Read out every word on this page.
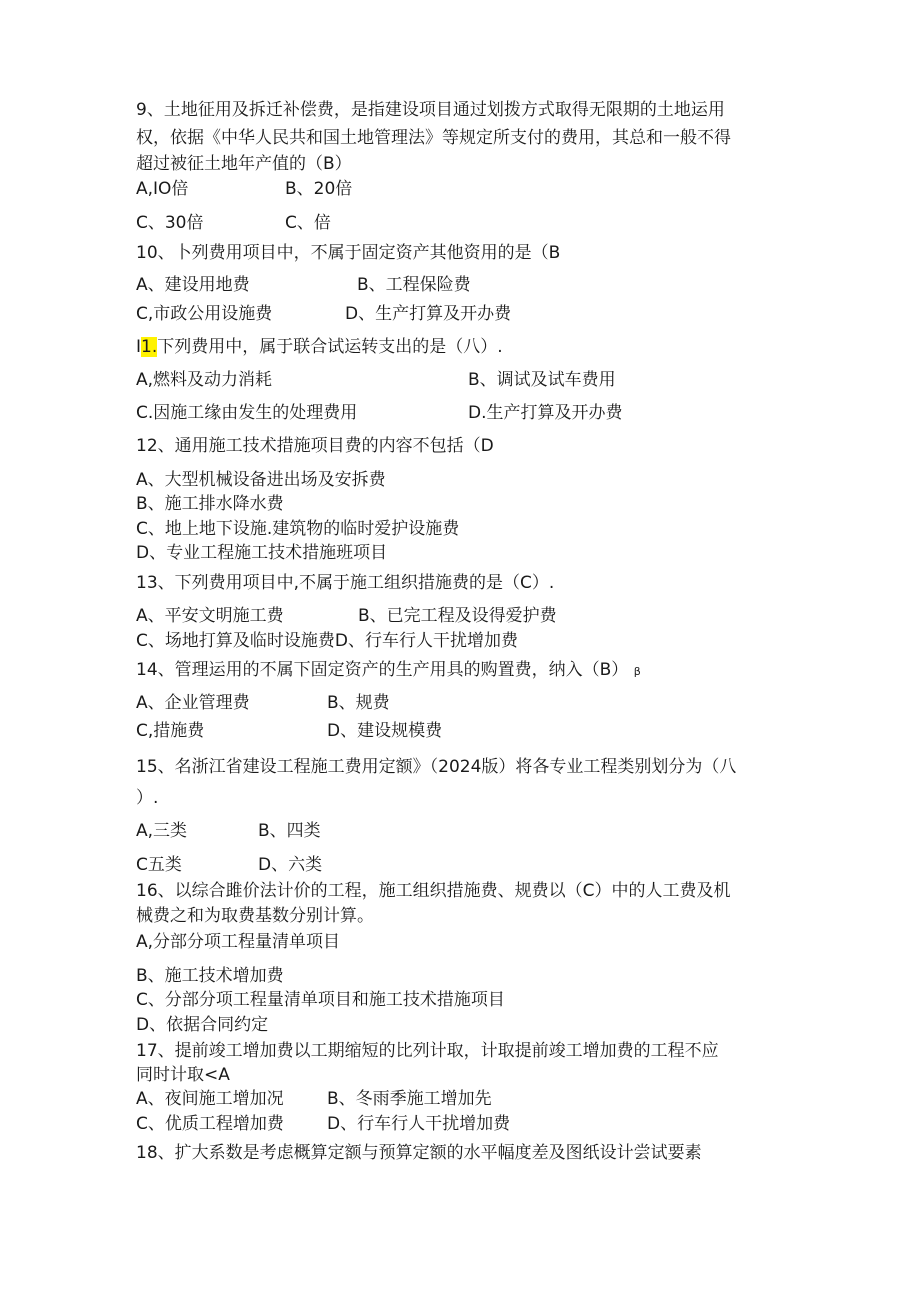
9、土地征用及拆迁补偿费，是指建设项目通过划拨方式取得无限期的土地运用
权，依据《中华人民共和国土地管理法》等规定所支付的费用，其总和一般不得
超过被征土地年产值的（B）
A,IO倍	B、20倍
C、30倍	C、倍
10、卜列费用项目中，不属于固定资产其他资用的是（B
A、建设用地费	B、工程保险费
C,市政公用设施费	D、生产打算及开办费
I1.下列费用中，属于联合试运转支出的是（八）.
A,燃料及动力消耗	B、调试及试车费用
C.因施工缘由发生的处理费用	D.生产打算及开办费
12、通用施工技术措施项目费的内容不包括（D
A、大型机械设备进出场及安拆费
B、施工排水降水费
C、地上地下设施.建筑物的临时爱护设施费
D、专业工程施工技术措施班项目
13、下列费用项目中,不属于施工组织措施费的是（C）.
A、平安文明施工费	B、已完工程及设得爱护费
C、场地打算及临时设施费D、行车行人干扰增加费
14、管理运用的不属下固定资产的生产用具的购置费，纳入（B） β
A、企业管理费	B、规费
C,措施费	D、建设规模费
15、名浙江省建设工程施工费用定额》（2024版）将各专业工程类别划分为（八
）.
A,三类	B、四类
C五类	D、六类
16、以综合雎价法计价的工程，施工组织措施费、规费以（C）中的人工费及机
械费之和为取费基数分别计算。
A,分部分项工程量清单项目
B、施工技术增加费
C、分部分项工程量清单项目和施工技术措施项目
D、依据合同约定
17、提前竣工增加费以工期缩短的比列计取，计取提前竣工增加费的工程不应
同时计取<A
A、夜间施工增加况	B、冬雨季施工增加先
C、优质工程增加费	D、行车行人干扰增加费
18、扩大系数是考虑概算定额与预算定额的水平幅度差及图纸设计尝试要素
